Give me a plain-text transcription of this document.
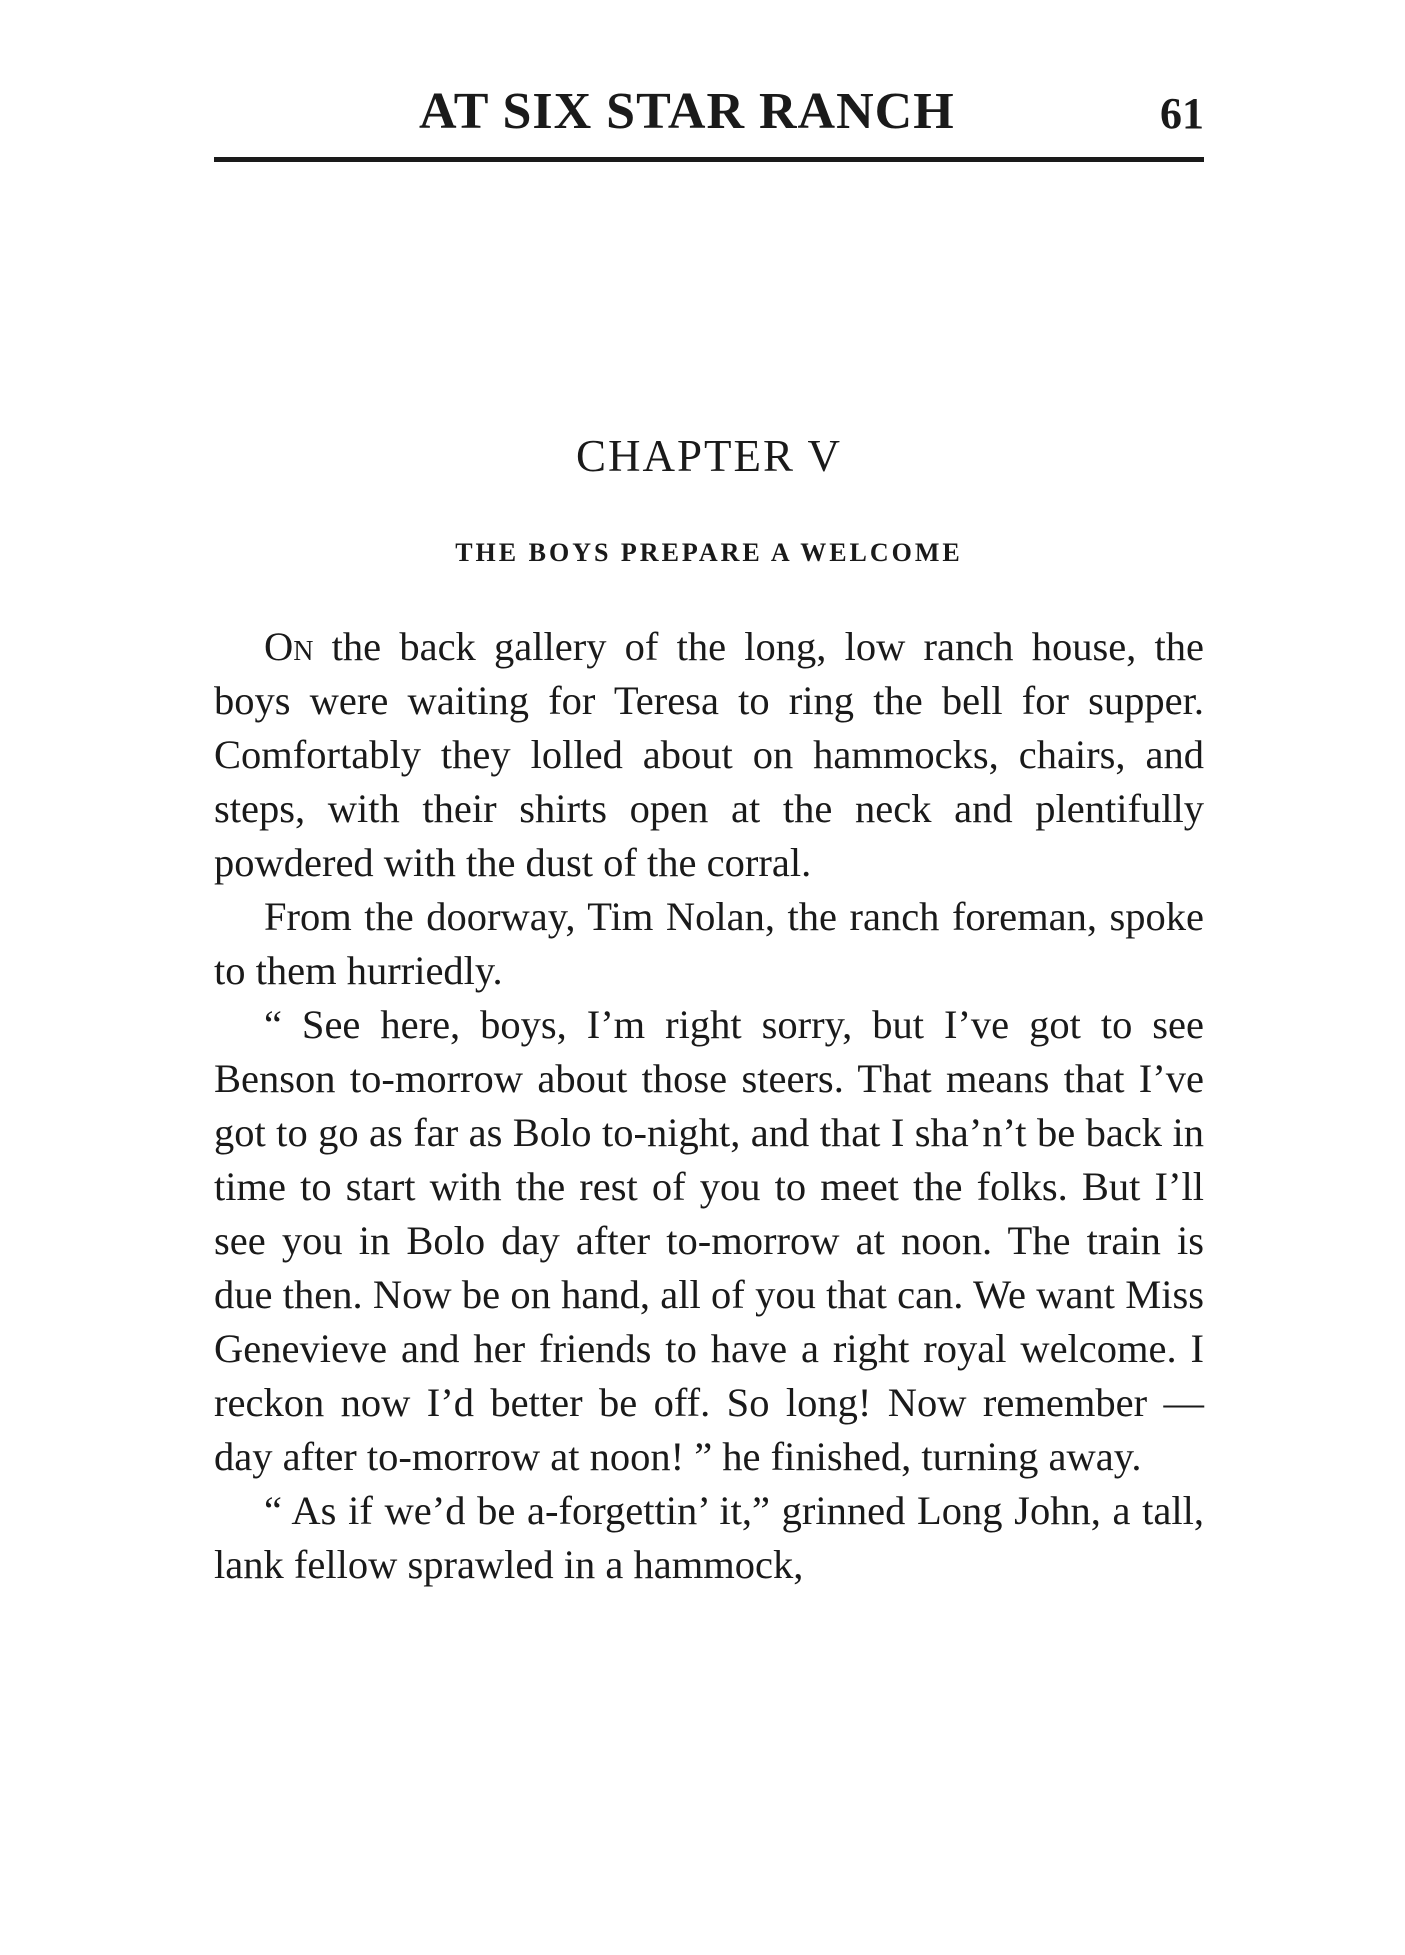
AT SIX STAR RANCH	61
CHAPTER V
THE BOYS PREPARE A WELCOME

On the back gallery of the long, low ranch house, the boys were waiting for Teresa to ring the bell for supper. Comfortably they lolled about on hammocks, chairs, and steps, with their shirts open at the neck and plentifully powdered with the dust of the corral.

From the doorway, Tim Nolan, the ranch foreman, spoke to them hurriedly.

“ See here, boys, I’m right sorry, but I’ve got to see Benson to-morrow about those steers. That means that I’ve got to go as far as Bolo to-night, and that I sha’n’t be back in time to start with the rest of you to meet the folks. But I’ll see you in Bolo day after to-morrow at noon. The train is due then. Now be on hand, all of you that can. We want Miss Genevieve and her friends to have a right royal welcome. I reckon now I’d better be off. So long! Now remember — day after to-morrow at noon! ” he finished, turning away.

“ As if we’d be a-forgettin’ it,” grinned Long John, a tall, lank fellow sprawled in a hammock,
